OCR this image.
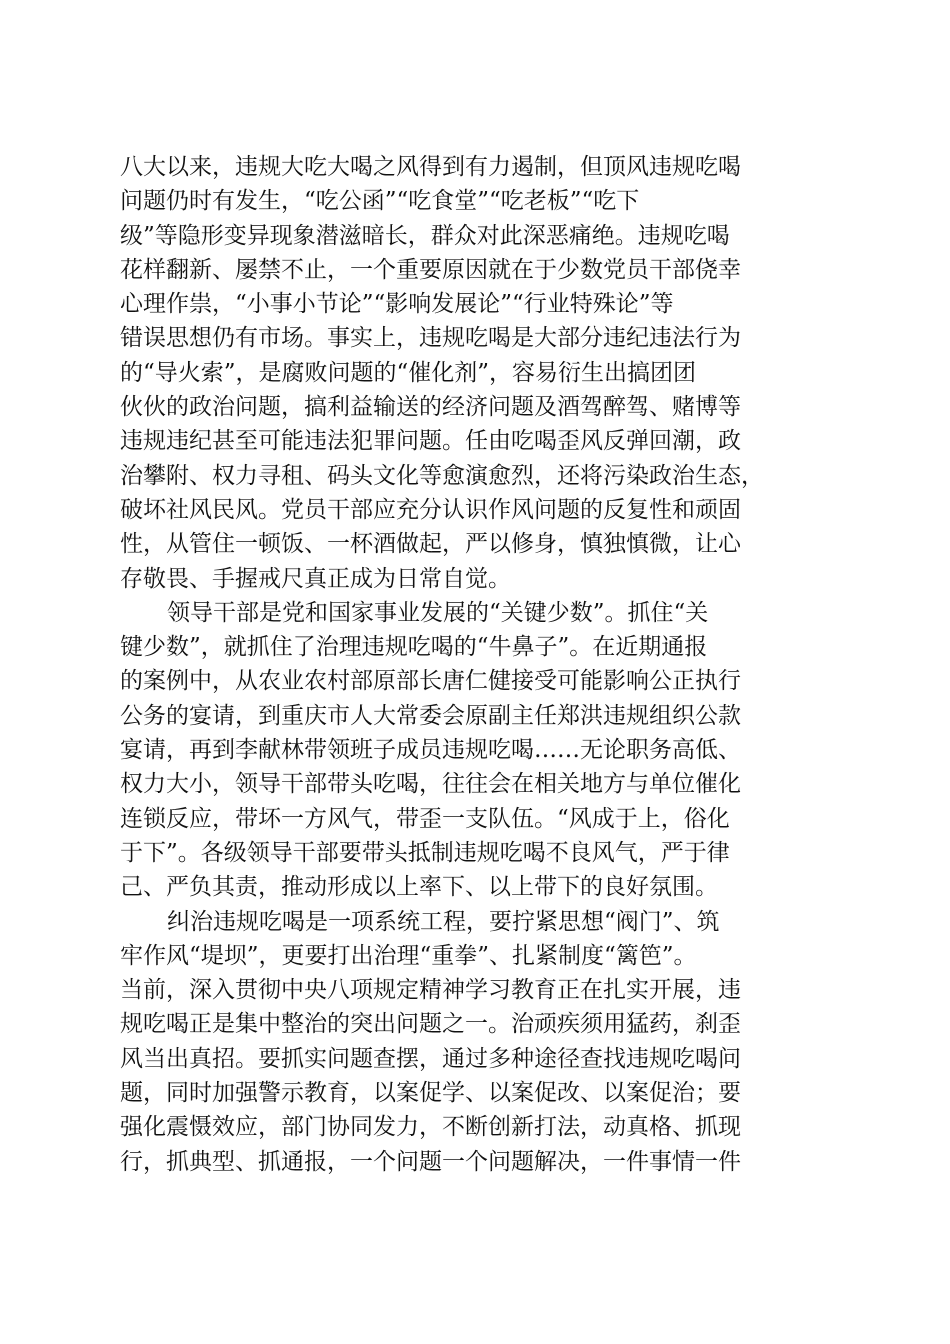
八大以来，违规大吃大喝之风得到有力遏制，但顶风违规吃喝
问题仍时有发生，“吃公函”“吃食堂”“吃老板”“吃下
级”等隐形变异现象潜滋暗长，群众对此深恶痛绝。违规吃喝
花样翻新、屡禁不止，一个重要原因就在于少数党员干部侥幸
心理作祟，“小事小节论”“影响发展论”“行业特殊论”等
错误思想仍有市场。事实上，违规吃喝是大部分违纪违法行为
的“导火索”，是腐败问题的“催化剂”，容易衍生出搞团团
伙伙的政治问题，搞利益输送的经济问题及酒驾醉驾、赌博等
违规违纪甚至可能违法犯罪问题。任由吃喝歪风反弹回潮，政
治攀附、权力寻租、码头文化等愈演愈烈，还将污染政治生态，
破坏社风民风。党员干部应充分认识作风问题的反复性和顽固
性，从管住一顿饭、一杯酒做起，严以修身，慎独慎微，让心
存敬畏、手握戒尺真正成为日常自觉。
领导干部是党和国家事业发展的“关键少数”。抓住“关
键少数”，就抓住了治理违规吃喝的“牛鼻子”。在近期通报
的案例中，从农业农村部原部长唐仁健接受可能影响公正执行
公务的宴请，到重庆市人大常委会原副主任郑洪违规组织公款
宴请，再到李献林带领班子成员违规吃喝……无论职务高低、
权力大小，领导干部带头吃喝，往往会在相关地方与单位催化
连锁反应，带坏一方风气，带歪一支队伍。“风成于上，俗化
于下”。各级领导干部要带头抵制违规吃喝不良风气，严于律
己、严负其责，推动形成以上率下、以上带下的良好氛围。
纠治违规吃喝是一项系统工程，要拧紧思想“阀门”、筑
牢作风“堤坝”，更要打出治理“重拳”、扎紧制度“篱笆”。
当前，深入贯彻中央八项规定精神学习教育正在扎实开展，违
规吃喝正是集中整治的突出问题之一。治顽疾须用猛药，刹歪
风当出真招。要抓实问题查摆，通过多种途径查找违规吃喝问
题，同时加强警示教育，以案促学、以案促改、以案促治；要
强化震慑效应，部门协同发力，不断创新打法，动真格、抓现
行，抓典型、抓通报，一个问题一个问题解决，一件事情一件
